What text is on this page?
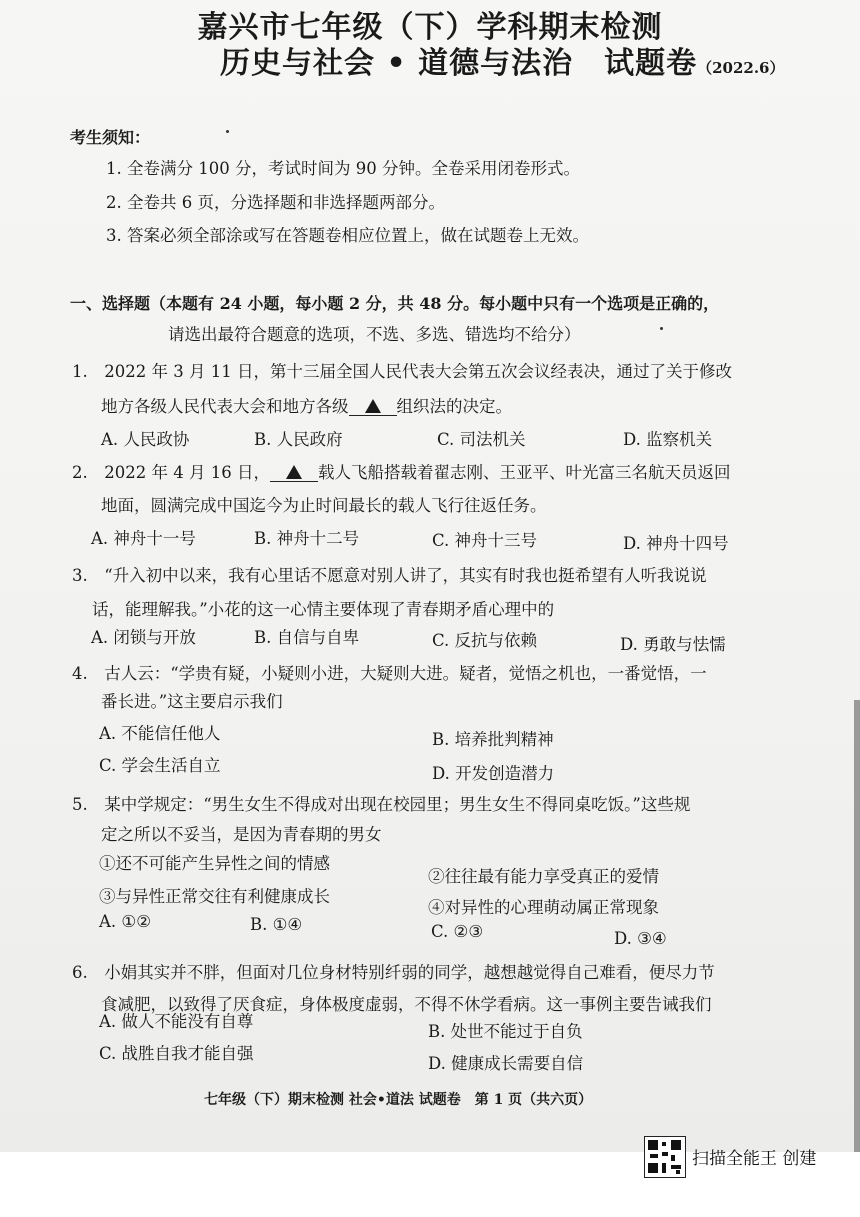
嘉兴市七年级（下）学科期末检测
历史与社会 • 道德与法治　试题卷（2022.6）
考生须知：
1. 全卷满分 100 分，考试时间为 90 分钟。全卷采用闭卷形式。
2. 全卷共 6 页，分选择题和非选择题两部分。
3. 答案必须全部涂或写在答题卷相应位置上，做在试题卷上无效。
一、选择题（本题有 24 小题，每小题 2 分，共 48 分。每小题中只有一个选项是正确的，
请选出最符合题意的选项，不选、多选、错选均不给分）
1.　2022 年 3 月 11 日，第十三届全国人民代表大会第五次会议经表决，通过了关于修改
地方各级人民代表大会和地方各级	组织法的决定。
A. 人民政协	B. 人民政府	C. 司法机关	D. 监察机关
2.　2022 年 4 月 16 日，	载人飞船搭载着翟志刚、王亚平、叶光富三名航天员返回
地面，圆满完成中国迄今为止时间最长的载人飞行往返任务。
A. 神舟十一号	B. 神舟十二号	C. 神舟十三号	D. 神舟十四号
3.　“升入初中以来，我有心里话不愿意对别人讲了，其实有时我也挺希望有人听我说说
话，能理解我。”小花的这一心情主要体现了青春期矛盾心理中的
A. 闭锁与开放	B. 自信与自卑	C. 反抗与依赖	D. 勇敢与怯懦
4.　古人云：“学贵有疑，小疑则小进，大疑则大进。疑者，觉悟之机也，一番觉悟，一
番长进。”这主要启示我们
A. 不能信任他人	B. 培养批判精神
C. 学会生活自立	D. 开发创造潜力
5.　某中学规定：“男生女生不得成对出现在校园里；男生女生不得同桌吃饭。”这些规
定之所以不妥当，是因为青春期的男女
①还不可能产生异性之间的情感
②往往最有能力享受真正的爱情
③与异性正常交往有利健康成长
④对异性的心理萌动属正常现象
A. ①②	B. ①④	C. ②③	D. ③④
6.　小娟其实并不胖，但面对几位身材特别纤弱的同学，越想越觉得自己难看，便尽力节
食减肥，以致得了厌食症，身体极度虚弱，不得不休学看病。这一事例主要告诫我们
A. 做人不能没有自尊
B. 处世不能过于自负
C. 战胜自我才能自强
D. 健康成长需要自信
七年级（下）期末检测 社会•道法 试题卷　第 1 页（共六页）
扫描全能王 创建
